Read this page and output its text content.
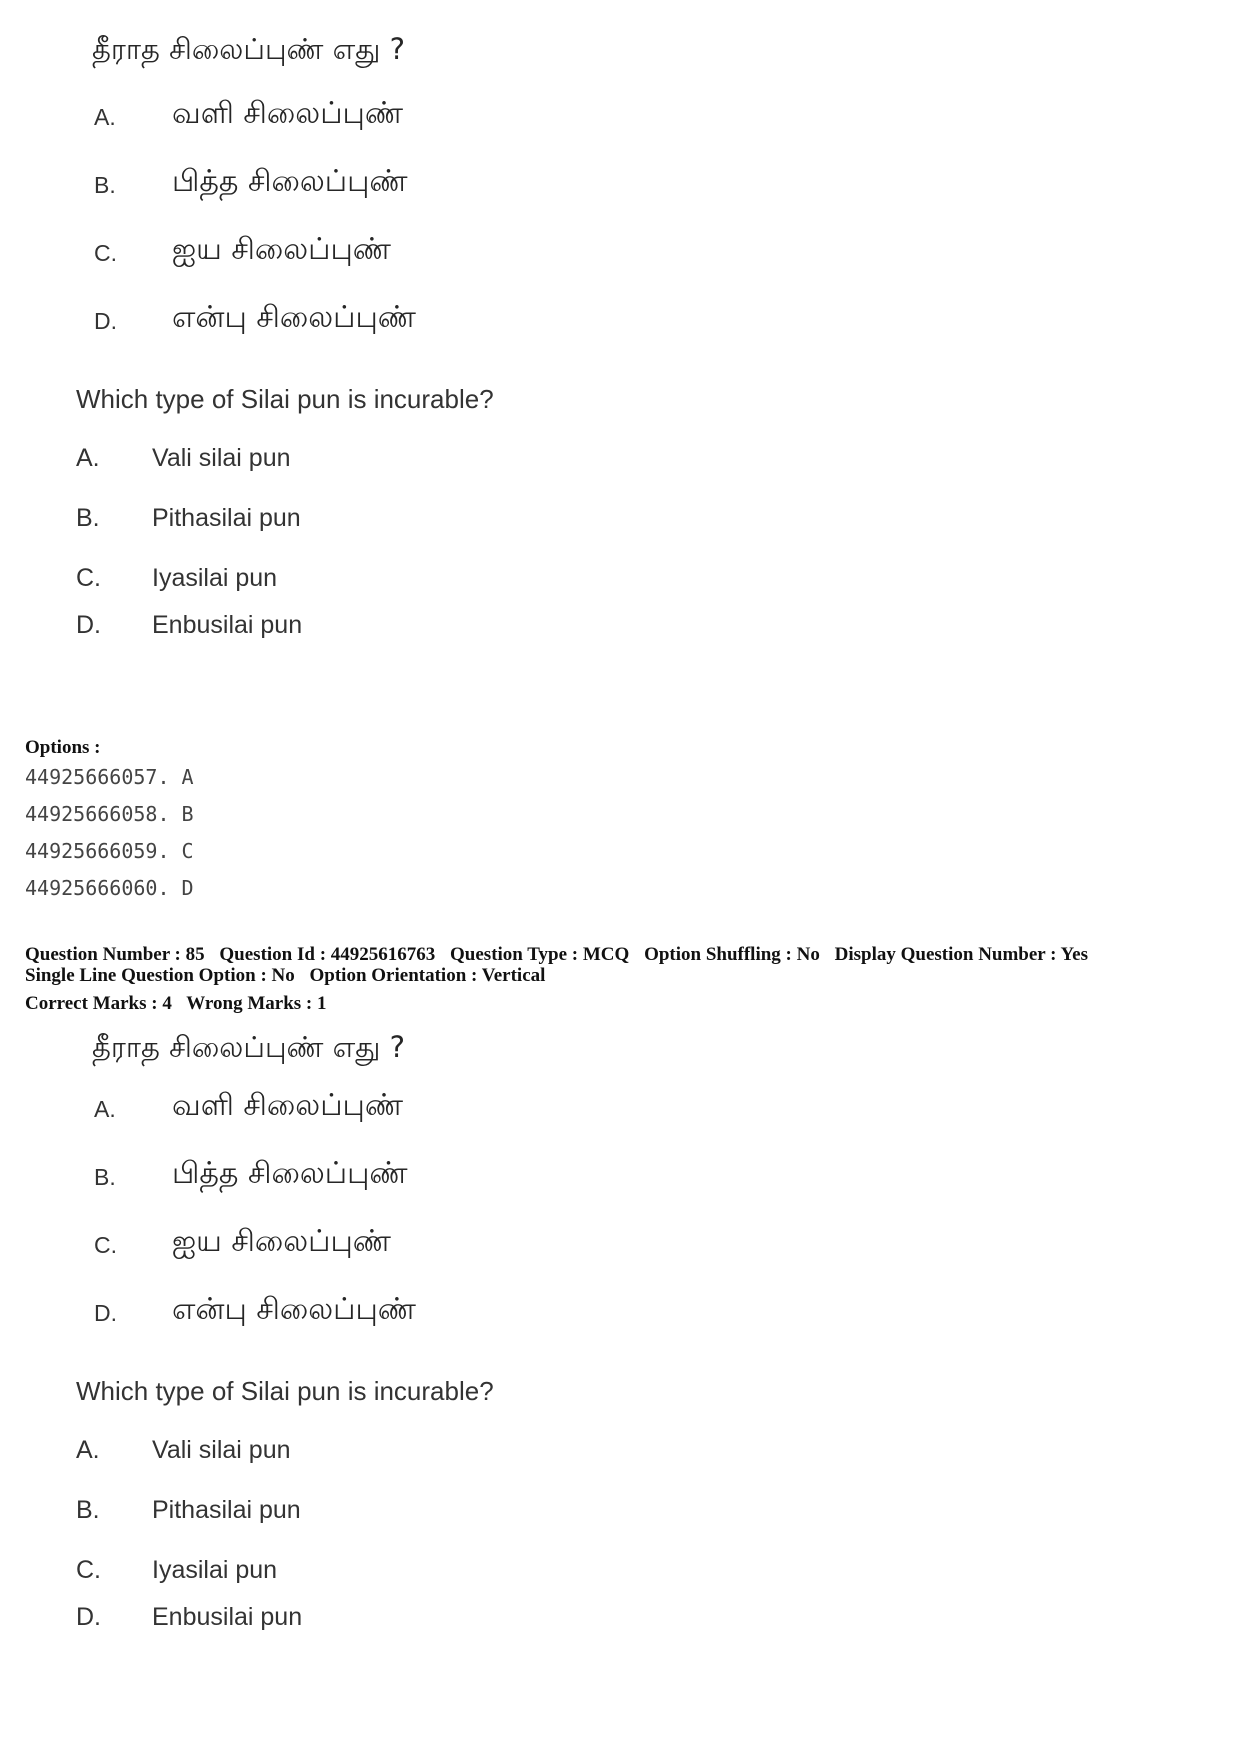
தீராத சிலைப்புண் எது ?
A. வளி சிலைப்புண்
B. பித்த சிலைப்புண்
C. ஐய சிலைப்புண்
D. என்பு சிலைப்புண்
Which type of Silai pun is incurable?
A. Vali silai pun
B. Pithasilai pun
C. Iyasilai pun
D. Enbusilai pun
Options :
44925666057. A
44925666058. B
44925666059. C
44925666060. D
Question Number : 85 Question Id : 44925616763 Question Type : MCQ Option Shuffling : No Display Question Number : Yes
Single Line Question Option : No Option Orientation : Vertical
Correct Marks : 4 Wrong Marks : 1
தீராத சிலைப்புண் எது ?
A. வளி சிலைப்புண்
B. பித்த சிலைப்புண்
C. ஐய சிலைப்புண்
D. என்பு சிலைப்புண்
Which type of Silai pun is incurable?
A. Vali silai pun
B. Pithasilai pun
C. Iyasilai pun
D. Enbusilai pun
